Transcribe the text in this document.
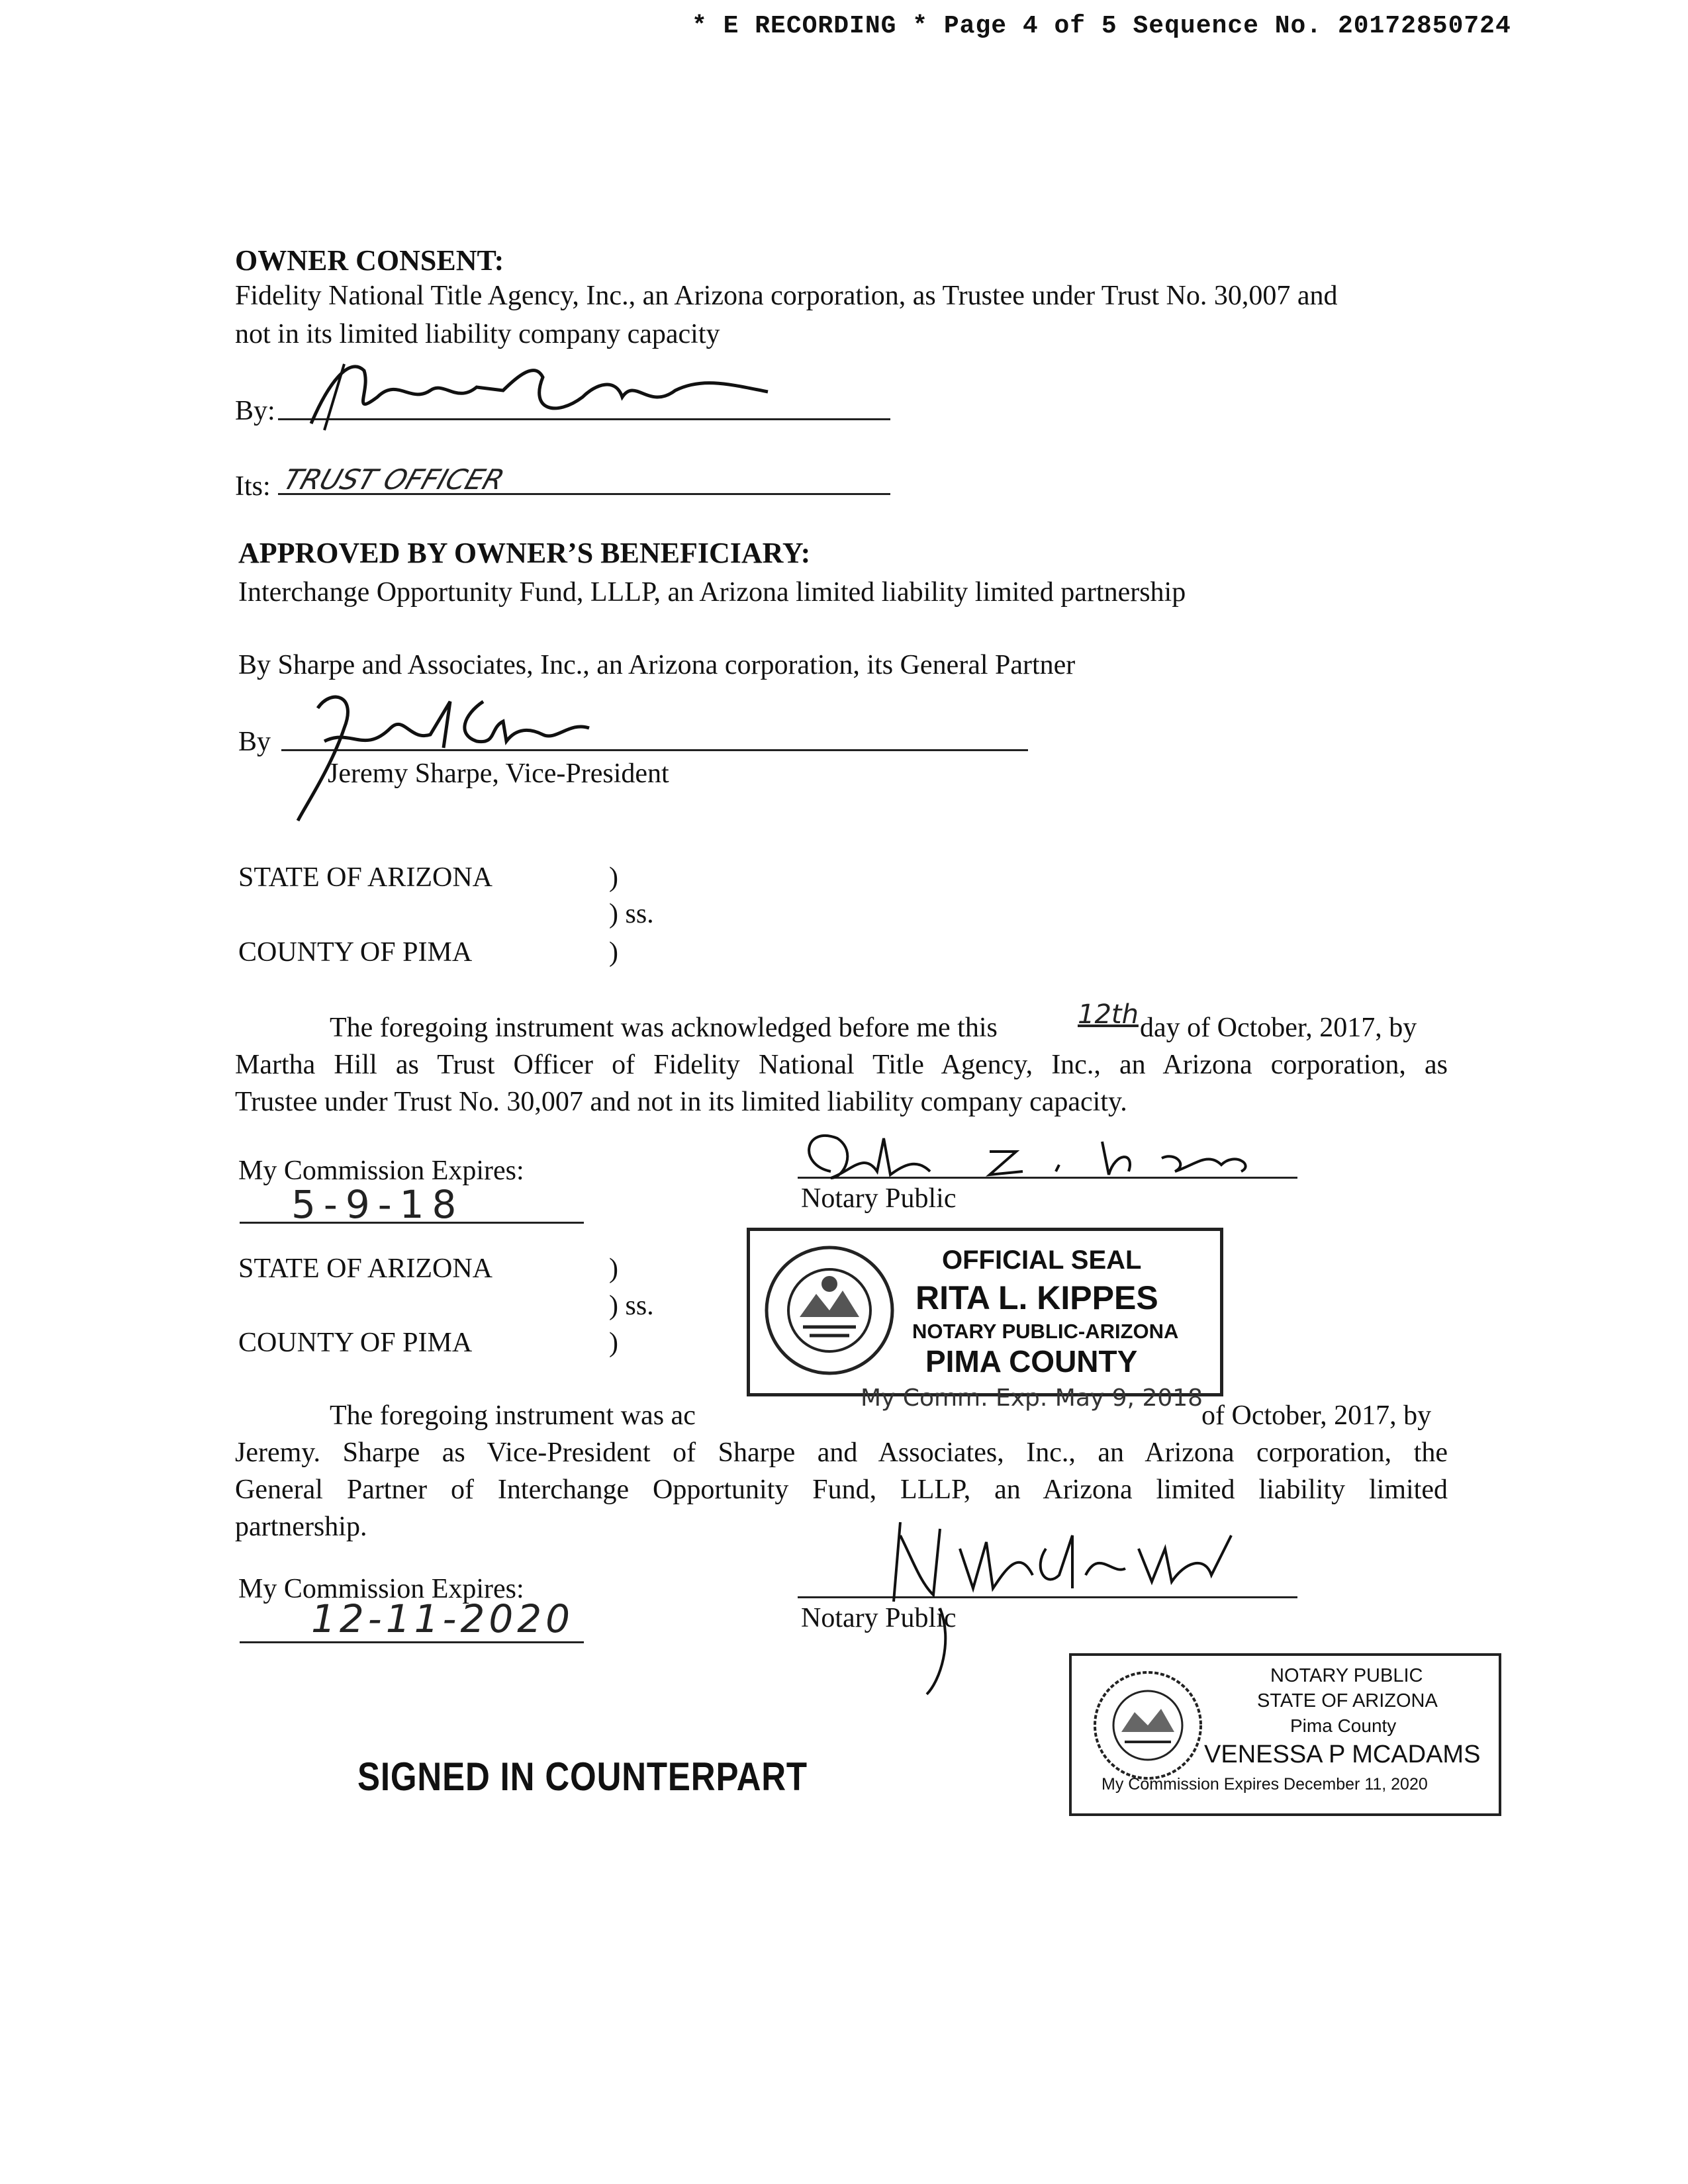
* E RECORDING * Page 4 of 5 Sequence No. 20172850724
OWNER CONSENT:
Fidelity National Title Agency, Inc., an Arizona corporation, as Trustee under Trust No. 30,007 and
not in its limited liability company capacity
By:
Its: TRUST OFFICER
APPROVED BY OWNER’S BENEFICIARY:
Interchange Opportunity Fund, LLLP, an Arizona limited liability limited partnership
By Sharpe and Associates, Inc., an Arizona corporation, its General Partner
By
Jeremy Sharpe, Vice-President
STATE OF ARIZONA	)
) ss.
COUNTY OF PIMA	)
The foregoing instrument was acknowledged before me this	12th day of October, 2017, by
Martha Hill as Trust Officer of Fidelity National Title Agency, Inc., an Arizona corporation, as
Trustee under Trust No. 30,007 and not in its limited liability company capacity.
My Commission Expires:
5-9-18	Notary Public
OFFICIAL SEAL
RITA L. KIPPES
NOTARY PUBLIC-ARIZONA
PIMA COUNTY
STATE OF ARIZONA	)
) ss.
COUNTY OF PIMA	)
The foregoing instrument was ac
My Comm. Exp. May 9, 2018
of October, 2017, by
Jeremy. Sharpe as Vice-President of Sharpe and Associates, Inc., an Arizona corporation, the
General Partner of Interchange Opportunity Fund, LLLP, an Arizona limited liability limited
partnership.
My Commission Expires:
12-11-2020	Notary Public
NOTARY PUBLIC
STATE OF ARIZONA
Pima County
VENESSA P MCADAMS
My Commission Expires December 11, 2020
SIGNED IN COUNTERPART
